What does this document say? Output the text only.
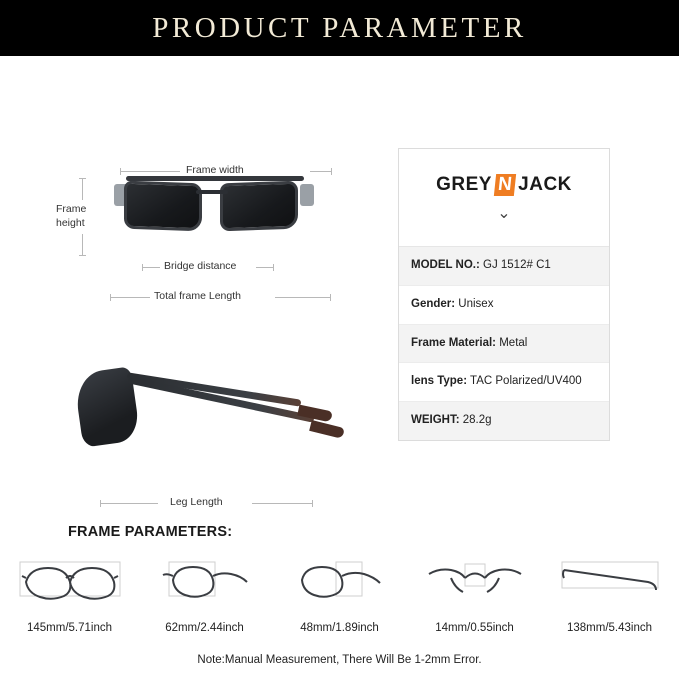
PRODUCT PARAMETER
Frame width
Frame
height
Bridge distance
Total frame Length
Leg Length
GREY N JACK
⌄
MODEL NO.: GJ 1512# C1
Gender: Unisex
Frame Material: Metal
lens Type: TAC Polarized/UV400
WEIGHT: 28.2g
FRAME PARAMETERS:
145mm/5.71inch	62mm/2.44inch	48mm/1.89inch	14mm/0.55inch	138mm/5.43inch
Note:Manual Measurement, There Will Be 1-2mm Error.
